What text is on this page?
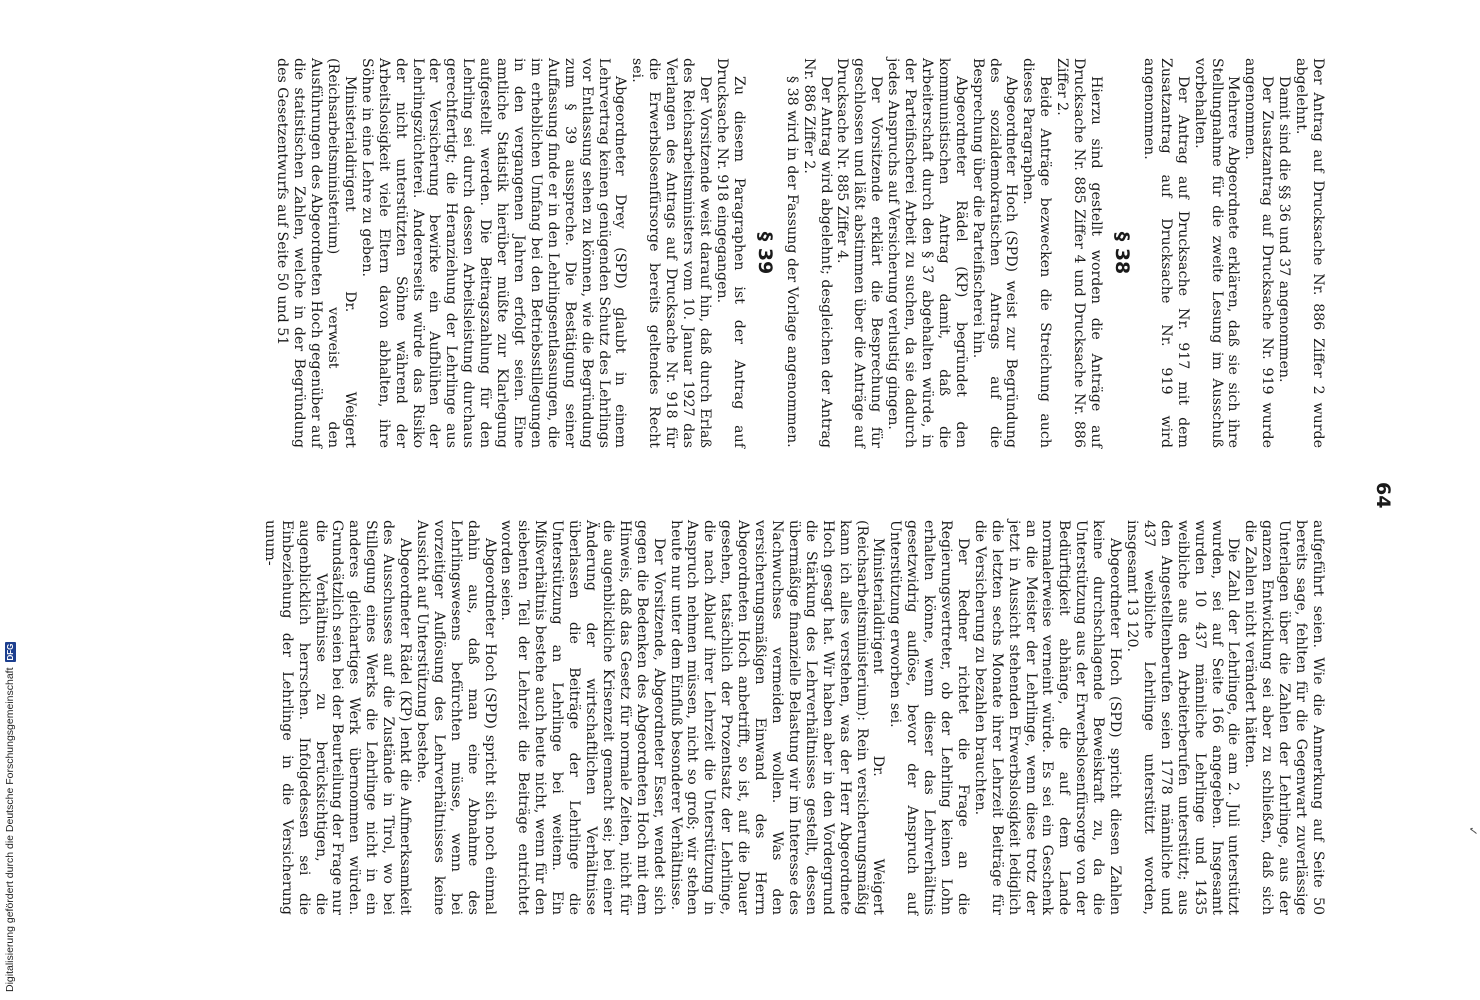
64
✓

Der Antrag auf Drucksache Nr. 886 Ziffer 2 wurde abgelehnt.

Damit sind die §§ 36 und 37 angenommen.

Der Zusatzantrag auf Drucksache Nr. 919 wurde angenommen.

Mehrere Abgeordnete erklären, daß sie sich ihre Stellungnahme für die zweite Lesung im Ausschuß vorbehalten.

Der Antrag auf Drucksache Nr. 917 mit dem Zusatzantrag auf Drucksache Nr. 919 wird angenommen.

§ 38

Hierzu sind gestellt worden die Anträge auf Drucksache Nr. 885 Ziffer 4 und Drucksache Nr. 886 Ziffer 2.

Beide Anträge bezwecken die Streichung auch dieses Paragraphen.

Abgeordneter Hoch (SPD) weist zur Begründung des sozialdemokratischen Antrags auf die Besprechung über die Parteifischerei hin.

Abgeordneter Rädel (KP) begründet den kommunistischen Antrag damit, daß die Arbeiterschaft durch den § 37 abgehalten würde, in der Parteifischerei Arbeit zu suchen, da sie dadurch jedes Anspruchs auf Versicherung verlustig gingen.

Der Vorsitzende erklärt die Besprechung für geschlossen und läßt abstimmen über die Anträge auf Drucksache Nr. 885 Ziffer 4.

Der Antrag wird abgelehnt; desgleichen der Antrag Nr. 886 Ziffer 2.

§ 38 wird in der Fassung der Vorlage angenommen.

§ 39

Zu diesem Paragraphen ist der Antrag auf Drucksache Nr. 918 eingegangen.

Der Vorsitzende weist darauf hin, daß durch Erlaß des Reichsarbeitsministers vom 10. Januar 1927 das Verlangen des Antrags auf Drucksache Nr. 918 für die Erwerbslosenfürsorge bereits geltendes Recht sei.

Abgeordneter Drey (SPD) glaubt in einem Lehrvertrag keinen genügenden Schutz des Lehrlings vor Entlassung sehen zu können, wie die Begründung zum § 39 ausspreche. Die Bestätigung seiner Auffassung finde er in den Lehrlingsentlassungen, die im erheblichen Umfang bei den Betriebsstillegungen in den vergangenen Jahren erfolgt seien. Eine amtliche Statistik hierüber müßte zur Klarlegung aufgestellt werden. Die Beitragszahlung für den Lehrling sei durch dessen Arbeitsleistung durchaus gerechtfertigt; die Heranziehung der Lehrlinge aus der Versicherung bewirke ein Aufblühen der Lehrlingszüchterei. Andererseits würde das Risiko der nicht unterstützten Söhne während der Arbeitslosigkeit viele Eltern davon abhalten, ihre Söhne in eine Lehre zu geben.

Ministerialdirigent Dr. Weigert (Reichsarbeitsministerium) verweist den Ausführungen des Abgeordneten Hoch gegenüber auf die statistischen Zahlen, welche in der Begründung des Gesetzentwurfs auf Seite 50 und 51

aufgeführt seien. Wie die Anmerkung auf Seite 50 bereits sage, fehlten für die Gegenwart zuverlässige Unterlagen über die Zahlen der Lehrlinge, aus der ganzen Entwicklung sei aber zu schließen, daß sich die Zahlen nicht verändert hätten.

Die Zahl der Lehrlinge, die am 2. Juli unterstützt wurden, sei auf Seite 166 angegeben. Insgesamt wurden 10 437 männliche Lehrlinge und 1435 weibliche aus den Arbeiterberufen unterstützt; aus den Angestelltenberufen seien 1778 männliche und 437 weibliche Lehrlinge unterstützt worden, insgesamt 13 120.

Abgeordneter Hoch (SPD) spricht diesen Zahlen keine durchschlagende Beweiskraft zu, da die Unterstützung aus der Erwerbslosenfürsorge von der Bedürftigkeit abhänge, die auf dem Lande normalerweise verneint würde. Es sei ein Geschenk an die Meister der Lehrlinge, wenn diese trotz der jetzt in Aussicht stehenden Erwerbslosigkeit lediglich die letzten sechs Monate ihrer Lehrzeit Beiträge für die Versicherung zu bezahlen brauchten.

Der Redner richtet die Frage an die Regierungsvertreter, ob der Lehrling keinen Lohn erhalten könne, wenn dieser das Lehrverhältnis gesetzwidrig auflöse, bevor der Anspruch auf Unterstützung erworben sei.

Ministerialdirigent Dr. Weigert (Reichsarbeitsministerium): Rein versicherungsmäßig kann ich alles verstehen, was der Herr Abgeordnete Hoch gesagt hat. Wir haben aber in den Vordergrund die Stärkung des Lehrverhältnisses gestellt, dessen übermäßige finanzielle Belastung wir im Interesse des Nachwuchses vermeiden wollen. Was den versicherungsmäßigen Einwand des Herrn Abgeordneten Hoch anbetrifft, so ist, auf die Dauer gesehen, tatsächlich der Prozentsatz der Lehrlinge, die nach Ablauf ihrer Lehrzeit die Unterstützung in Anspruch nehmen müssen, nicht so groß; wir stehen heute nur unter dem Einfluß besonderer Verhältnisse.

Der Vorsitzende, Abgeordneter Esser, wendet sich gegen die Bedenken des Abgeordneten Hoch mit dem Hinweis, daß das Gesetz für normale Zeiten, nicht für die augenblickliche Krisenzeit gemacht sei; bei einer Änderung der wirtschaftlichen Verhältnisse überlassen die Beiträge der Lehrlinge die Unterstützung an Lehrlinge bei weitem. Ein Mißverhältnis bestehe auch heute nicht, wenn für den siebenten Teil der Lehrzeit die Beiträge entrichtet worden seien.

Abgeordneter Hoch (SPD) spricht sich noch einmal dahin aus, daß man eine Abnahme des Lehrlingswesens befürchten müsse, wenn bei vorzeitiger Auflösung des Lehrverhältnisses keine Aussicht auf Unterstützung bestehe.

Abgeordneter Rädel (KP) lenkt die Aufmerksamkeit des Ausschusses auf die Zustände in Tirol, wo bei Stillegung eines Werks die Lehrlinge nicht in ein anderes gleichartiges Werk übernommen würden. Grundsätzlich seien bei der Beurteilung der Frage nur die Verhältnisse zu berücksichtigen, die augenblicklich herrschen. Infolgedessen sei die Einbeziehung der Lehrlinge in die Versicherung unum-

Digitalisierung gefördert durch die Deutsche Forschungsgemeinschaft
DFG
